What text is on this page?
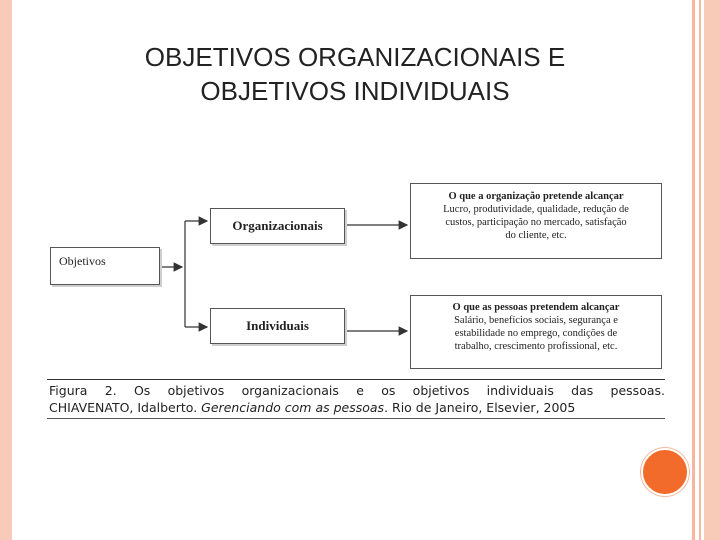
OBJETIVOS ORGANIZACIONAIS E
OBJETIVOS INDIVIDUAIS
Objetivos
Organizacionais
Individuais
O que a organização pretende alcançar
Lucro, produtividade, qualidade, redução de
custos, participação no mercado, satisfação
do cliente, etc.
O que as pessoas pretendem alcançar
Salário, benefícios sociais, segurança e
estabilidade no emprego, condições de
trabalho, crescimento profissional, etc.
Figura 2. Os objetivos organizacionais e os objetivos individuais das pessoas.
CHIAVENATO, Idalberto. Gerenciando com as pessoas. Rio de Janeiro, Elsevier, 2005
